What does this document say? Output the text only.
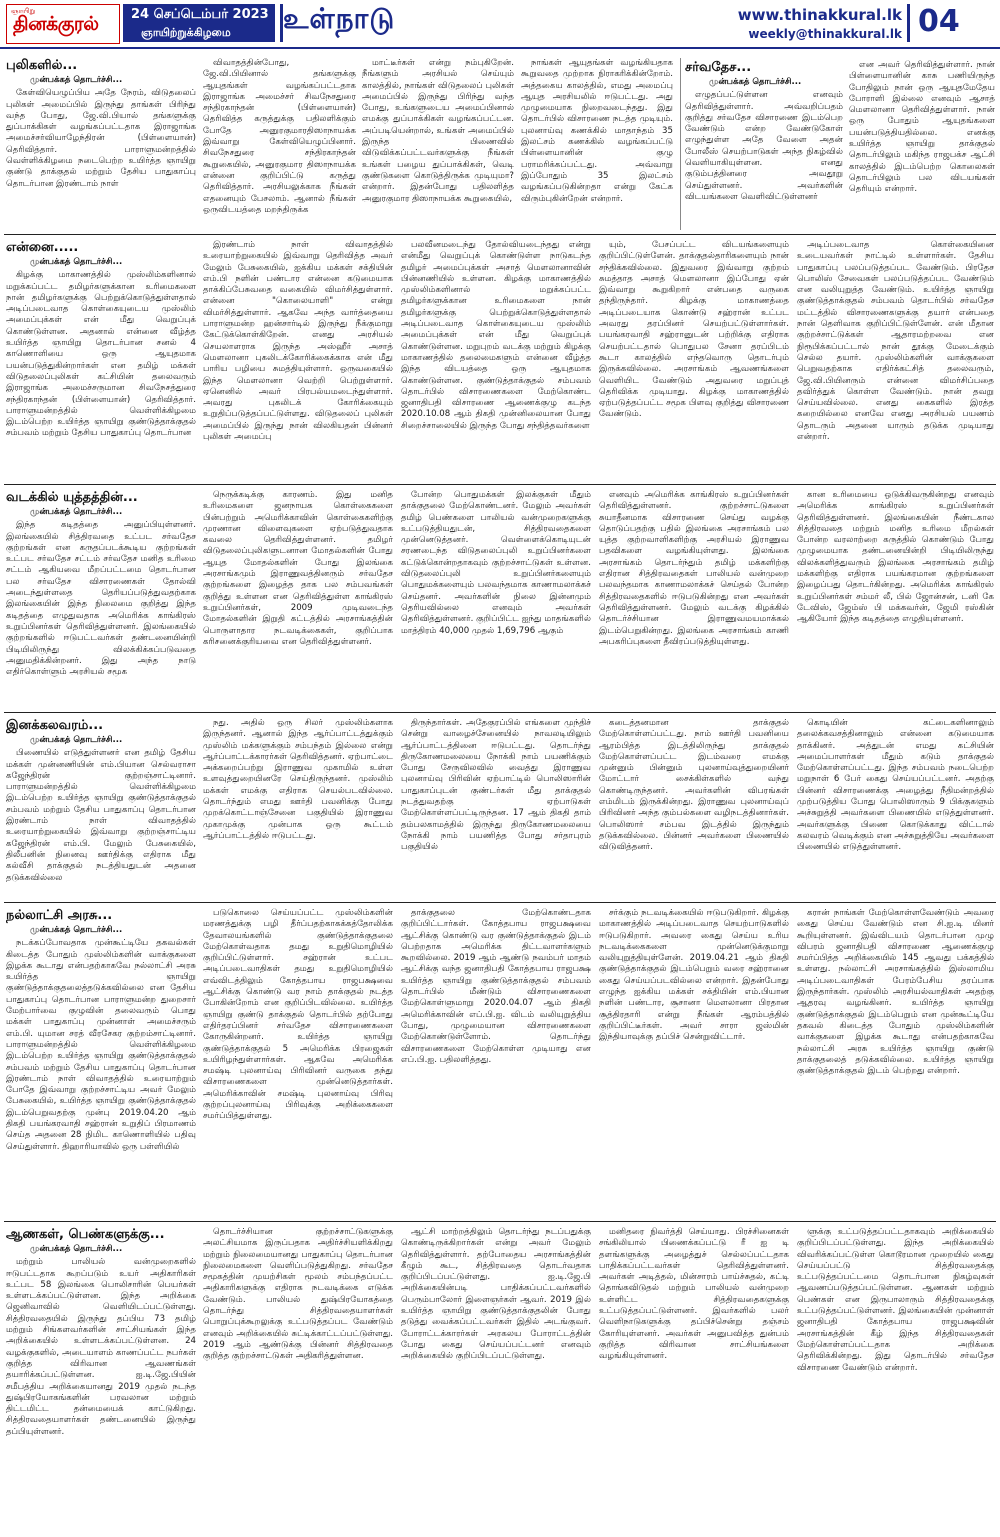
ஞாயிறு
தினக்குரல் 24 செப்டெம்பர் 2023
ஞாயிற்றுக்கிழமை உள்நாடு	www.thinakkural.lk
weekly@thinakkural.lk 04
புலிகளில்...
முன்பக்கத் தொடர்ச்சி...

கேள்வியெழுப்பிய அதே நேரம், விடுதலைப் புலிகள் அமைப்பில் இருந்து தாங்கள் பிரிந்து வந்த போது, ஜே.வி.பியால் தங்களுக்கு துப்பாக்கிகள் வழங்கப்பட்டதாக இராஜாங்க அமைச்சர்வியாழேந்திரன் (பிள்ளையான்) தெரிவித்தார். பாராளுமன்றத்தில் வெள்ளிக்கிழமை நடைபெற்ற உயிர்த்த ஞாயிறு குண்டு தாக்குதல் மற்றும் தேசிய பாதுகாப்பு தொடர்பான இரண்டாம் நாள்

விவாதத்தின்போது, ஜே.வி.பியினால் தங்களுக்கு ஆயுதங்கள் வழங்கப்பட்டதாக இராஜாங்க அமைச்சர் சிவநேசதுரை சந்திரகாந்தன் (பிள்ளையான்) தெரிவித்த கருத்துக்கு பதிலளிக்கும் போதே அனுரகுமாரதிஸாநாயக்க இவ்வாறு கேள்வியெழுப்பினார். சிவநேசதுரை சந்திரகாந்தன் கூறுகையில், அனுரகுமார திஸாநாயக்க என்னை குறிப்பிட்டு கருத்து தெரிவித்தார். அரசியலுக்காக நீங்கள் எதனையும் பேசலாம். ஆனால் நீங்கள் ஒருவிடயத்தை மறந்திருக்க

மாட்டீர்கள் என்று நம்புகிறேன். நீங்களும் அரசியல் செய்யும் காலத்தில், நாங்கள் விடுதலைப் புலிகள் அமைப்பில் இருந்து பிரிந்து வந்த போது, உங்களுடைய அமைப்பினால் எமக்கு துப்பாக்கிகள் வழங்கப்பட்டன. அப்படியென்றால், உங்கள் அமைப்பில் இருந்த பிணைவில் விடுவிக்கப்பட்டவர்களுக்கு நீங்கள் உங்கள் பழைய துப்பாக்கிகள், வெடி குண்டுகளை கொடுத்திருக்க முடியுமா? என்றார். இதன்போது பதிலளித்த அனுரகுமார திஸாநாயக்க கூறுகையில்,

நாங்கள் ஆயுதங்கள் வழங்கியதாக கூறுவதை முற்றாக நிராகரிக்கின்றோம். அத்தகைய காலத்தில், எமது அமைப்பு ஆயுத அரசியலில் ஈடுபட்டது. அது முழுமையாக நிறைவடைந்தது. இது தொடர்பில் விசாரணை நடத்த முடியும். புலனாய்வு கணக்கில் மாதாந்தம் 35 இலட்சம் கணக்கில் வழங்கப்பட்டு பிள்ளையானின் குழு பராமரிக்கப்பட்டது. அவ்வாறு இப்போதும் 35 இலட்சம் வழங்கப்படுகின்றதா என்று கேட்க விரும்புகின்றேன் என்றார்.

சர்வதேச...
முன்பக்கத் தொடர்ச்சி...

எழுதப்பட்டுள்ளன எனவும் தெரிவித்துள்ளார். அவ்வறிப்பதம் குறித்து சர்வதேச விசாரணை இடம்பெற வேண்டும் என்ற வேண்டுகோள் எழுந்துள்ள அதே வேளை அதன் போலீஸ் செயற்பாடுகள் அந்த நிகழ்வில் வெளியாகியுள்ளன. எனது குடும்பத்தினரை அவதூறு செய்துள்ளனர். அவர்களின் விடயங்களை வெளிவிட்டுள்ளனர்

என அவர் தெரிவித்துள்ளார். நான் பிள்ளையானின் காசு பணியிருந்த போதிலும் நான் ஒரு ஆயுதமேதேய போராளி இல்லை எனவும் ஆசாத் மௌலானா தெரிவித்துள்ளார். நான் ஒரு போதும் ஆயுதங்களை பயன்படுத்தியதில்லை. எனக்கு உயிர்த்த ஞாயிறு தாக்குதல் தொடர்பிலும் மகிந்த ராஜபக்ச ஆட்சி காலத்தில் இடம்பெற்ற கொலைகள் தொடர்பிலும் பல விடயங்கள் தெரியும் என்றார்.

என்னை.....
முன்பக்கத் தொடர்ச்சி...

கிழக்கு மாகாணத்தில் முஸ்லிம்களினால் மறுக்கப்பட்ட தமிழர்களுக்கான உரிமைகளை நான் தமிழர்களுக்கு பெற்றுக்கொடுத்துள்ளதால் அடிப்படைவாத கொள்கையுடைய முஸ்லிம் அமைப்புக்கள் என் மீது வெறுப்புக் கொண்டுள்ளன. அதனால் என்னை வீழ்த்த உயிர்த்த ஞாயிறு தொடர்பான சனல் 4 காணொளியை ஒரு ஆயுதமாக பயன்படுத்துகின்றார்கள் என தமிழ் மக்கள் விடுதலைப்புலிகள் கட்சியின் தலைவரும் இராஜாங்க அமைச்சருமான சிவநேசத்துரை சந்திரகாந்தன் (பிள்ளையான்) தெரிவித்தார். பாராளுமன்றத்தில் வெள்ளிக்கிழமை இடம்பெற்ற உயிர்த்த ஞாயிறு குண்டுத்தாக்குதல் சம்பவம் மற்றும் தேசிய பாதுகாப்பு தொடர்பான

இரண்டாம் நாள் விவாதத்தில் உரையாற்றுகையில் இவ்வாறு தெரிவித்த அவர் மேலும் பேசுகையில், ஐக்கிய மக்கள் சக்தியின் எம்.பி நளின் பண்டார என்னை கடுமையாக தாக்கிப்பேசுவதை வகையில் விமர்சித்துள்ளார். என்னை "கொலையாளி" என்று விமர்சித்துள்ளார். ஆகவே அந்த வார்த்தையை பாராளுமன்ற ஹன்சார்டில் இருந்து நீக்குமாறு கேட்டுக்கொள்கிறேன். எனது அரசியல் செயலாளராக இருந்த அஸ்ஹீர் அசாத் மௌலானா புகலிடக்கோரிக்கைக்காக என் மீது பாரிய பழியை சுமத்தியுள்ளார். ஒருவகையில் இந்த மௌலானா வெற்றி பெற்றுள்ளார். ஏனெனில் அவர் பிரபல்யமடைந்துள்ளார். அவரது புகலிடக் கோரிக்கையும் உறுதிப்படுத்தப்பட்டுள்ளது. விடுதலைப் புலிகள் அமைப்பில் இருந்து நான் விலகியதன் பின்னர் புலிகள் அமைப்பு

பலவீனமடைந்து தோல்வியடைந்தது என்று என்மீது வெறுப்புக் கொண்டுள்ள நாடுகடந்த தமிழர் அமைப்புக்கள் அசாத் மௌலானாவின் பின்னணியில் உள்ளன. கிழக்கு மாகாணத்தில் முஸ்லிம்களினால் மறுக்கப்பட்ட தமிழர்களுக்கான உரிமைகளை நான் தமிழர்களுக்கு பெற்றுக்கொடுத்துள்ளதால் அடிப்படைவாத கொள்கையுடைய முஸ்லிம் அமைப்புக்கள் என் மீது வெறுப்புக் கொண்டுள்ளன. மறுபுறம் வடக்கு மற்றும் கிழக்கு மாகாணத்தில் தலைமைகளும் என்னை வீழ்த்த இந்த விடயத்தை ஒரு ஆயுதமாக கொண்டுள்ளன. குண்டுத்தாக்குதல் சம்பவம் தொடர்பில் விசாரணைகளை மேற்கொண்ட ஜனாதிபதி விசாரணை ஆணைக்குழு கடந்த 2020.10.08 ஆம் திகதி முன்னிலையான போது சிறைச்சாலையில் இருந்த போது சந்தித்தவர்களை

யும், பேசப்பட்ட விடயங்களையும் குறிப்பிட்டுள்ளேன். தாக்குதல்தாரிகளையும் நான் சந்திக்கவில்லை. இதுவரை இவ்வாறு குற்றம் சுமத்தாத அசாத் மௌலானா இப்போது ஏன் இவ்வாறு கூறுகிறார் என்பதை வருகை தந்திருந்தார். கிழக்கு மாகாணத்தை அடிப்படையாக கொண்டு சஹ்ரான் உட்பட அவரது தரப்பினர் செயற்பட்டுள்ளார்கள். பயங்கரவாதி சஹ்ரானுடன் பற்றிக்கு எதிராக செயற்பட்டதால் பொதுபல சேனா தரப்பிடம் கூடா காலத்தில் எந்தவொரு தொடர்பும் இருக்கவில்லை. அரசாங்கம் ஆவணங்களை வெளியிட வேண்டும் அதுவரை மறுப்புத் தெரிவிக்க முடியாது. கிழக்கு மாகாணத்தில் ஏற்படுத்தப்பட்ட சமூக பிளவு குறித்து விசாரணை வேண்டும்.

அடிப்படைவாத கொள்கையினை உடையவர்கள் நாட்டில் உள்ளார்கள். தேசிய பாதுகாப்பு பலப்படுத்தப்பட வேண்டும். பிரதேச பொலிஸ் சேவைகள் பலப்படுத்தப்பட வேண்டும் என வலியுறுத்த வேண்டும். உயிர்த்த ஞாயிறு குண்டுத்தாக்குதல் சம்பவம் தொடர்பில் சர்வதேச மட்டத்தில் விசாரணைகளுக்கு தயார் என்பதை நான் தெளிவாக குறிப்பிட்டுள்ளேன். என் மீதான குற்றச்சாட்டுக்கள் ஆதாரமற்றவை என நிரூபிக்கப்பட்டால் நான் தூக்கு மேடைக்கும் செல்ல தயார். முஸ்லிம்களின் வாக்குகளை பெறுவதற்காக எதிர்க்கட்சித் தலைவரும், ஜே.வி.பியினரும் என்னை விமர்சிப்பதை தவிர்த்துக் கொள்ள வேண்டும். நான் தவறு செய்யவில்லை. எனது கைகளில் இரத்த கறையில்லை எனவே எனது அரசியல் பயணம் தொடரும் அதனை யாரும் தடுக்க முடியாது என்றார்.

வடக்கில் யுத்தத்தின்...
முன்பக்கத் தொடர்ச்சி...

இந்த கடிதத்தை அனுப்பியுள்ளனர். இலங்கையில் சித்திரவதை உட்பட சர்வதேச குற்றங்கள் என கருதப்படக்கூடிய குற்றங்கள் உட்பட சர்வதேச சட்டம் சர்வதேச மனித உரிமை சட்டம் ஆகியவை மீறப்பட்டமை தொடர்பான பல சர்வதேச விசாரணைகள் தோல்வி அடைந்துள்ளதை தெரியப்படுத்துவதற்காக இலங்கையின் இந்த நிலைமை குறித்து இந்த கடிதத்தை எழுதுவதாக அமெரிக்க காங்கிரஸ் உறுப்பினர்கள் தெரிவித்துள்ளனர். இலங்கையில் குற்றங்களில் ஈடுபட்டவர்கள் தண்டனையின்றி பிடியிலிருந்து விலக்கிக்கப்படுவதை அனுமதிக்கின்றனர். இது அந்த நாடு எதிர்கொள்ளும் அரசியல் சமூக

நெருக்கடிக்கு காரணம். இது மனித உரிமைகளை ஜனநாயக கொள்கைகளை பின்பற்றும் அமெரிக்காவின் கொள்கைகளிற்கு முரணான விளைவுகளை ஏற்படுத்துவதாக கவலை தெரிவித்துள்ளனர். தமிழர் விடுதலைப்புலிகளுடனான மோதல்களின் போது ஆயுத மோதல்களின் போது இலங்கை அரசாங்கமும் இராணுவத்தினரும் சர்வதேச குற்றங்களை இழைத்த தாக பல சம்பவங்கள் குறித்து உள்ளன என தெரிவித்துள்ள காங்கிரஸ் உறுப்பினர்கள், 2009 முடிவடைந்த மோதல்களின் இறுதி கட்டத்தில் அரசாங்கத்தின் பொருளாதார நடவடிக்கைகள், குறிப்பாக கரிசனைக்குரியவை என தெரிவித்துள்ளனர்.

போன்ற பொதுமக்கள் இலக்குகள் மீதும் தாக்குதலை மேற்கொண்டனர். மேலும் அவர்கள் தமிழ் பெண்களை பாலியல் வன்முறைகளுக்கு உட்படுத்தியதுடன், சித்திரவதைகளை முன்னெடுத்தனர். வெள்ளைக்கொடியுடன் சரணடைந்த விடுதலைப்புலி உறுப்பினர்களை கட்டுக்கொன்றதாகவும் குற்றச்சாட்டுகள் உள்ளன. விடுதலைப்புலி உறுப்பினர்களையும் பொதுமக்களையும் பலவந்தமாக காணாமலாக்கச் செய்தனர். அவர்களின் நிலை இன்னமும் தெரியவில்லை எனவும் அவர்கள் தெரிவித்துள்ளனர். குறிப்பிட்ட ஐந்து மாதங்களில் மாத்திரம் 40,000 முதல் 1,69,796 ஆகும்

எனவும் அமெரிக்க காங்கிரஸ் உறுப்பினர்கள் தெரிவித்துள்ளனர். குற்றச்சாட்டுகளை சுயாதீனமாக விசாரணை செய்து வழக்கு தொடுப்பதற்கு பதில் இலங்கை அரசாங்கம் பல யுத்த குற்றவாளிகளிற்கு அரசியல் இராணுவ பதவிகளை வழங்கியுள்ளது. இலங்கை அரசாங்கம் தொடர்ந்தும் தமிழ் மக்களிற்கு எதிரான சித்திரவதைகள் பாலியல் வன்முறை பலவந்தமாக காணாமலாக்கச் செய்தல் போன்ற சித்திரவதைகளில் ஈடுபடுகின்றது என அவர்கள் தெரிவித்துள்ளனர். மேலும் வடக்கு கிழக்கில் தொடர்ச்சியான இராணுவமயமாக்கல் இடம்பெறுகின்றது. இலங்கை அரசாங்கம் காணி அபகரிப்புகளை தீவிரப்படுத்தியுள்ளது.

கான உரிமையை ஒடுக்கிவருகின்றது எனவும் அமெரிக்க காங்கிரஸ் உறுப்பினர்கள் தெரிவித்துள்ளனர். இலங்கையின் நீண்டகால சித்திரவதை மற்றும் மனித உரிமை மீறல்கள் போன்ற வரலாற்றை கருத்தில் கொண்டும் போது முழுமையாக தண்டனையின்றி பிடியிலிருந்து விலக்களித்துவரும் இலங்கை அரசாங்கம் தமிழ் மக்களிற்கு எதிராக பயங்கரமான குற்றங்களை இழைப்பது தொடர்கின்றது. அமெரிக்க காங்கிரஸ் உறுப்பினர்கள் சம்மர் லீ, பில் ஜோன்சன், டனி கே டேவிஸ், ஜேம்ஸ் பி மக்கவர்ன், ஜேமி ரஸ்கின் ஆகியோர் இந்த கடிதத்தை எழுதியுள்ளனர்.

இனக்கலவரம்...
முன்பக்கத் தொடர்ச்சி...

பிணையில் எடுத்துள்ளனர் என தமிழ் தேசிய மக்கள் முன்னணியின் எம்.பியான செல்வராசா கஜேந்திரன் குற்றஞ்சாட்டினார். பாராளுமன்றத்தில் வெள்ளிக்கிழமை இடம்பெற்ற உயிர்த்த ஞாயிறு குண்டுத்தாக்குதல் சம்பவம் மற்றும் தேசிய பாதுகாப்பு தொடர்பான இரண்டாம் நாள் விவாதத்தில் உரையாற்றுகையில் இவ்வாறு குற்றஞ்சாட்டிய கஜேந்திரன் எம்.பி. மேலும் பேசுகையில், திலீபனின் நினைவு ஊர்திக்கு எதிராக மீது கல்வீசி தாக்குதல் நடத்தியதுடன் அதனை தடுக்கவில்லை

நது. அதில் ஒரு சிலர் முஸ்லிம்களாக இருந்தனர். ஆனால் இந்த ஆர்ப்பாட்டத்துக்கும் முஸ்லிம் மக்களுக்கும் சம்பந்தம் இல்லை என்று ஆர்ப்பாட்டக்காரர்கள் தெரிவித்தனர். ஏற்பாட்டை அக்கறைப்பற்று இராணுவ முகாமில் உள்ள உளவுத்துறையினரே செய்திருந்தனர். முஸ்லிம் மக்கள் எமக்கு எதிராக செயல்படவில்லை. தொடர்ந்தும் எமது ஊர்தி பவனிக்கு போது முறக்கொட்டாஞ்சேனை பகுதியில் இராணுவ முகாமுக்கு முன்பாக ஒரு கூட்டம் ஆர்ப்பாட்டத்தில் ஈடுபட்டது.

திருந்தார்கள். அதேகுரப்பில் எங்களை முந்திச் சென்று வாழைச்சேனையில் நாவலடியிலும் ஆர்ப்பாட்டத்தினை ஈடுபட்டது. தொடர்ந்து திருகோணமலையை நோக்கி நாம் பயணிக்கும் போது சேருவிலவில் வைத்து இராணுவ புலனாய்வு பிரிவின் ஏற்பாட்டில் பொலிஸாரின் பாதுகாப்புடன் குண்டர்கள் மீது தாக்குதல் நடத்துவதற்கு ஏற்பாடுகள் மேற்கொள்ளப்பட்டிருந்தன. 17 ஆம் திகதி தாம் தம்பலகாமத்தில் இருந்து திருகோணமலையை நோக்கி நாம் பயணித்த போது சர்தாபுரம் பகுதியில்

கடைத்தனமான தாக்குதல் மேற்கொள்ளப்பட்டது. நாம் ஊர்தி பவனியை ஆரம்பித்த இடத்திலிருந்து தாக்குதல் மேற்கொள்ளப்பட்ட இடம்வரை எமக்கு முன்னும் பின்னும் புலனாய்வுத்துறையினர் மோட்டார் சைக்கிள்களில் வந்து கொண்டிருந்தனர். அவர்களின் விபரங்கள் எம்மிடம் இருக்கின்றது. இராணுவ புலனாய்வுப் பிரிவினர் அந்த கும்பல்களை வழிநடத்தினார்கள். பொலிஸார் சம்பவ இடத்தில் இருந்தும் தடுக்கவில்லை. பின்னர் அவர்களை பிணையில் விடுவித்தனர்.

கொடியின் கட்டைகளினாலும் தலைக்கவசத்தினாலும் என்னை கடுமையாக தாக்கினர். அத்துடன் எமது கட்சியின் அமைப்பாளர்கள் மீதும் கடும் தாக்குதல் மேற்கொள்ளப்பட்டது. இந்த சம்பவம் நடைபெற்ற மறுநாள் 6 பேர் கைது செய்யப்பட்டனர். அதற்கு பின்னர் விசாரணைக்கு அழைத்து நீதிமன்றத்தில் முற்படுத்திய போது பொலிஸாரும் 9 பிக்குகளும் அச்சுறுத்தி அவர்களை பிணையில் எடுத்துள்ளனர். அவர்களுக்கு பிணை கொடுக்காது விட்டால் கலவரம் வெடிக்கும் என அச்சுறுத்தியே அவர்களை பிணையில் எடுத்துள்ளனர்.

நல்லாட்சி அரசு...
முன்பக்கத் தொடர்ச்சி...

நடக்கப்போவதாக முன்கூட்டியே தகவல்கள் கிடைத்த போதும் முஸ்லிம்களின் வாக்குகளை இழக்க கூடாது என்பதற்காகவே நல்லாட்சி அரசு உயிர்த்த ஞாயிறு குண்டுத்தாக்குதலைத்தடுக்கவில்லை என தேசிய பாதுகாப்பு தொடர்பான பாராளுமன்ற துறைசார் மேற்பார்வை குழுவின் தலைவரும் பொது மக்கள் பாதுகாப்பு முன்னாள் அமைச்சரும் எம்.பி. யுமான சரத் வீரசேகர குற்றம்சாட்டினார். பாராளுமன்றத்தில் வெள்ளிக்கிழமை இடம்பெற்ற உயிர்த்த ஞாயிறு குண்டுத்தாக்குதல் சம்பவம் மற்றும் தேசிய பாதுகாப்பு தொடர்பான இரண்டாம் நாள் விவாதத்தில் உரையாற்றும் போதே இவ்வாறு குற்றச்சாட்டிய அவர் மேலும் பேசுகையில், உயிர்த்த ஞாயிறு குண்டுத்தாக்குதல் இடம்பெறுவதற்கு முன்பு 2019.04.20 ஆம் திகதி பயங்கரவாதி சஹ்ரான் உறுதிப் பிரமாணம் செய்த அதனை 28 நிமிட காணொளியில் பதிவு செய்துள்ளார். திஹாரியாவில் ஒரு பள்ளியில்

படுகொலை செய்யப்பட்ட முஸ்லிம்களின் மரணத்துக்கு பழி தீர்ப்பதற்காகக்கத்தோலிக்க தேவாலயங்களில் குண்டுத்தாக்குதலை மேற்கொள்வதாக தமது உறுதிமொழியில் குறிப்பிட்டுள்ளார். சஹ்ரான் உட்பட அடிப்படைவாதிகள் தமது உறுதிமொழியில் எவ்விடத்திலும் கோத்தபாய ராஜபக்ஷவை ஆட்சிக்கு கொண்டு வர நாம் தாக்குதல் நடத்த போகின்றோம் என குறிப்பிடவில்லை. உயிர்த்த ஞாயிறு குண்டு தாக்குதல் தொடர்பில் தற்போது எதிர்தரப்பினர் சர்வதேச விசாரணைகளை கோருகின்றனர். உயிர்த்த ஞாயிறு குண்டுத்தாக்குதல் 5 அமெரிக்க பிரஜைகள் உயிரிழந்துள்ளார்கள். ஆகவே அமெரிக்க சமஷ்டி புலனாய்வு பிரிவினர் வருகை தந்து விசாரணைகளை முன்னெடுத்தார்கள். அமெரிக்காவின் சமஷ்டி புலனாய்வு பிரிவு குற்றப்புலனாய்வு பிரிவுக்கு அறிக்கைகளை சமர்ப்பித்துள்ளது.

தாக்குதலை மேற்கொண்டதாக குறிப்பிட்டார்கள். கோத்தபாய ராஜபக்ஷவை ஆட்சிக்கு கொண்டு வர குண்டுத்தாக்குதல் இடம் பெற்றதாக அமெரிக்க திட்டவாளர்களும் கூறவில்லை. 2019 ஆம் ஆண்டு நவம்பர் மாதம் ஆட்சிக்கு வந்த ஜனாதிபதி கோத்தபாய ராஜபக்ஷ உயிர்த்த ஞாயிறு குண்டுத்தாக்குதல் சம்பவம் தொடர்பில் மீண்டும் விசாரணைகளை மேற்கொள்ளுமாறு 2020.04.07 ஆம் திகதி அமெரிக்காவின் எப்.பி.ஐ. விடம் வலியுறுத்திய போது, முழுமையான விசாரணைகளை மேற்கொண்டுள்ளோம். தொடர்ந்து விசாரணைகளை மேற்கொள்ள முடியாது என எப்.பி.ஐ. பதிலளித்தது.

சர்க்கும் நடவடிக்கையில் ஈடுபடுகிறார். கிழக்கு மாகாணத்தில் அடிப்படைவாத செயற்பாடுகளில் ஈடுபடுகிறார். அவரை கைது செய்ய உரிய நடவடிக்கைகளை முன்னெடுக்குமாறு வலியுறுத்தியுள்ளேன். 2019.04.21 ஆம் திகதி குண்டுத்தாக்குதல் இடம்பெறும் வரை சஹ்ரானை கைது செய்யப்படவில்லை என்றார். இதன்போது எழுந்த ஐக்கிய மக்கள் சக்தியின் எம்.பியான நளின் பண்டார, சூசானா மௌலானா பிரதான சூத்திரதாரி என்று நீங்கள் ஆரம்பத்தில் குறிப்பிட்டீர்கள். அவர் சாரா ஜஸ்மின் இந்தியாவுக்கு தப்பிச் சென்றுவிட்டார்.

கரான் நாங்கள் மேற்கொள்ளவேண்டும் அவரை கைது செய்ய வேண்டும் என சி.ஐ.டி யினர் கூறியுள்ளனர். இவ்விடயம் தொடர்பான முழு விபரம் ஜனாதிபதி விசாரணை ஆணைக்குழு சமர்ப்பித்த அறிக்கையில் 145 ஆவது பக்கத்தில் உள்ளது. நல்லாட்சி அரசாங்கத்தில் இஸ்லாமிய அடிப்படைவாதிகள் பேரம்பேசிய தரப்பாக இருந்தார்கள். முஸ்லிம் அரசியல்வாதிகள் அதற்கு ஆதரவு வழங்கினர். உயிர்த்த ஞாயிறு குண்டுத்தாக்குதல் இடம்பெறும் என முன்கூட்டியே தகவல் கிடைத்த போதும் முஸ்லிம்களின் வாக்குகளை இழக்க கூடாது என்பதற்காகவே நல்லாட்சி அரசு உயிர்த்த ஞாயிறு குண்டு தாக்குதலைத் தடுக்கவில்லை. உயிர்த்த ஞாயிறு குண்டுத்தாக்குதல் இடம் பெற்றது என்றார்.

ஆணகள், பெண்களுக்கு...
முன்பக்கத் தொடர்ச்சி...

மற்றும் பாலியல் வன்முறைகளில் ஈடுபட்டதாக கூறப்படும் உயர் அதிகாரிகள் உட்பட 58 இலங்கை பொலிசாரின் பெயர்கள் உள்ளடக்கப்பட்டுள்ளன. இந்த அறிக்கை ஜெனிவாவில் வெளியிடப்பட்டுள்ளது. சித்திரவதையில் இருந்து தப்பிய 73 தமிழ் மற்றும் சிங்களவர்களின் சாட்சியங்கள் இந்த அறிக்கையில் உள்ளடக்கப்பட்டுள்ளன. 24 வழக்குகளில், அடையாளம் காணப்பட்ட நபர்கள் குறித்த விரிவான ஆவணங்கள் தயாரிக்கப்பட்டுள்ளன. ஐ.டி.ஜே.பியின் சமீபத்திய அறிக்கையானது 2019 முதல் நடந்த துஷ்பிரயோகங்களின் பரவலான மற்றும் திட்டமிட்ட தன்மையைக் காட்டுகிறது. சித்திரவதையாளர்கள் தண்டனையில் இருந்து தப்பியுள்ளனர்.

தொடர்ச்சியான குற்றச்சாட்டுகளுக்கு அலட்சியமாக இருப்பதாக அதிர்ச்சியளிக்கிறது மற்றும் நிலைமையானது பாதுகாப்பு தொடர்பான நிலைமைகளை வெளிப்படுத்துகிறது. சர்வதேச சமூகத்தின் முயற்சிகள் மூலம் சம்பந்தப்பட்ட அதிகாரிகளுக்கு எதிராக நடவடிக்கை எடுக்க வேண்டும். பாலியல் துஷ்பிரயோகத்தை தொடர்ந்து சித்திரவதையாளர்கள் பொறுப்புக்கூறலுக்கு உட்படுத்தப்பட வேண்டும் எனவும் அறிக்கையில் சுட்டிக்காட்டப்பட்டுள்ளது. 2019 ஆம் ஆண்டுக்கு பின்னர் சித்திரவதை குறித்த குற்றச்சாட்டுகள் அதிகரித்துள்ளன.

ஆட்சி மாற்றத்திலும் தொடர்ந்து நடப்பதுக்கு கொண்டிருக்கிறார்கள் என்று அவர் மேலும் தெரிவித்துள்ளார். தற்போதைய அரசாங்கத்தின் கீழும் கூட, சித்திரவதை தொடர்வதாக குறிப்பிடப்பட்டுள்ளது. ஐ.டி.ஜே.பி அறிக்கையின்படி பாதிக்கப்பட்டவர்களில் பெரும்பாலோர் இளைஞர்கள் ஆவர். 2019 இல் உயிர்த்த ஞாயிறு குண்டுத்தாக்குதலின் போது தடுத்து வைக்கப்பட்டவர்கள் இதில் அடங்குவர். போராட்டக்காரர்கள் அரகலய போராட்டத்தின் போது கைது செய்யப்பட்டனர் எனவும் அறிக்கையில் குறிப்பிடப்பட்டுள்ளது.

மனிதரை நிவர்த்தி செய்யாது. பிரச்சினைகள் சங்கிலியால் பிணைக்கப்பட்டு ரீ ஐ டி தளங்களுக்கு அழைத்துச் செல்லப்பட்டதாக பாதிக்கப்பட்டவர்கள் தெரிவித்துள்ளனர். அவர்கள் அடித்தல், மின்சாரம் பாய்ச்சுதல், கட்டி தொங்கவிடுதல் மற்றும் பாலியல் வன்முறை உள்ளிட்ட சித்திரவதைகளுக்கு உட்படுத்தப்பட்டுள்ளனர். இவர்களில் பலர் வெளிநாடுகளுக்கு தப்பிச்சென்று தஞ்சம் கோரியுள்ளனர். அவர்கள் அனுபவித்த துன்பம் குறித்த விரிவான சாட்சியங்களை வழங்கியுள்ளனர்.

ளுக்கு உட்படுத்தப்பட்டதாகவும் அறிக்கையில் குறிப்பிடப்பட்டுள்ளது. இந்த அறிக்கையில் விவரிக்கப்பட்டுள்ள கொடூரமான முறையில் கைது செய்யப்பட்டு சித்திரவதைக்கு உட்படுத்தப்பட்டமை தொடர்பான நிகழ்வுகள் ஆவணப்படுத்தப்பட்டுள்ளன. ஆணகள் மற்றும் பெண்கள் என இருபாலாரும் சித்திரவதைக்கு உட்படுத்தப்பட்டுள்ளனர். இலங்கையின் முன்னாள் ஜனாதிபதி கோத்தபாய ராஜபக்ஷவின் அரசாங்கத்தின் கீழ் இந்த சித்திரவதைகள் மேற்கொள்ளப்பட்டதாக அறிக்கை தெரிவிக்கின்றது. இது தொடர்பில் சர்வதேச விசாரணை வேண்டும் என்றார்.
